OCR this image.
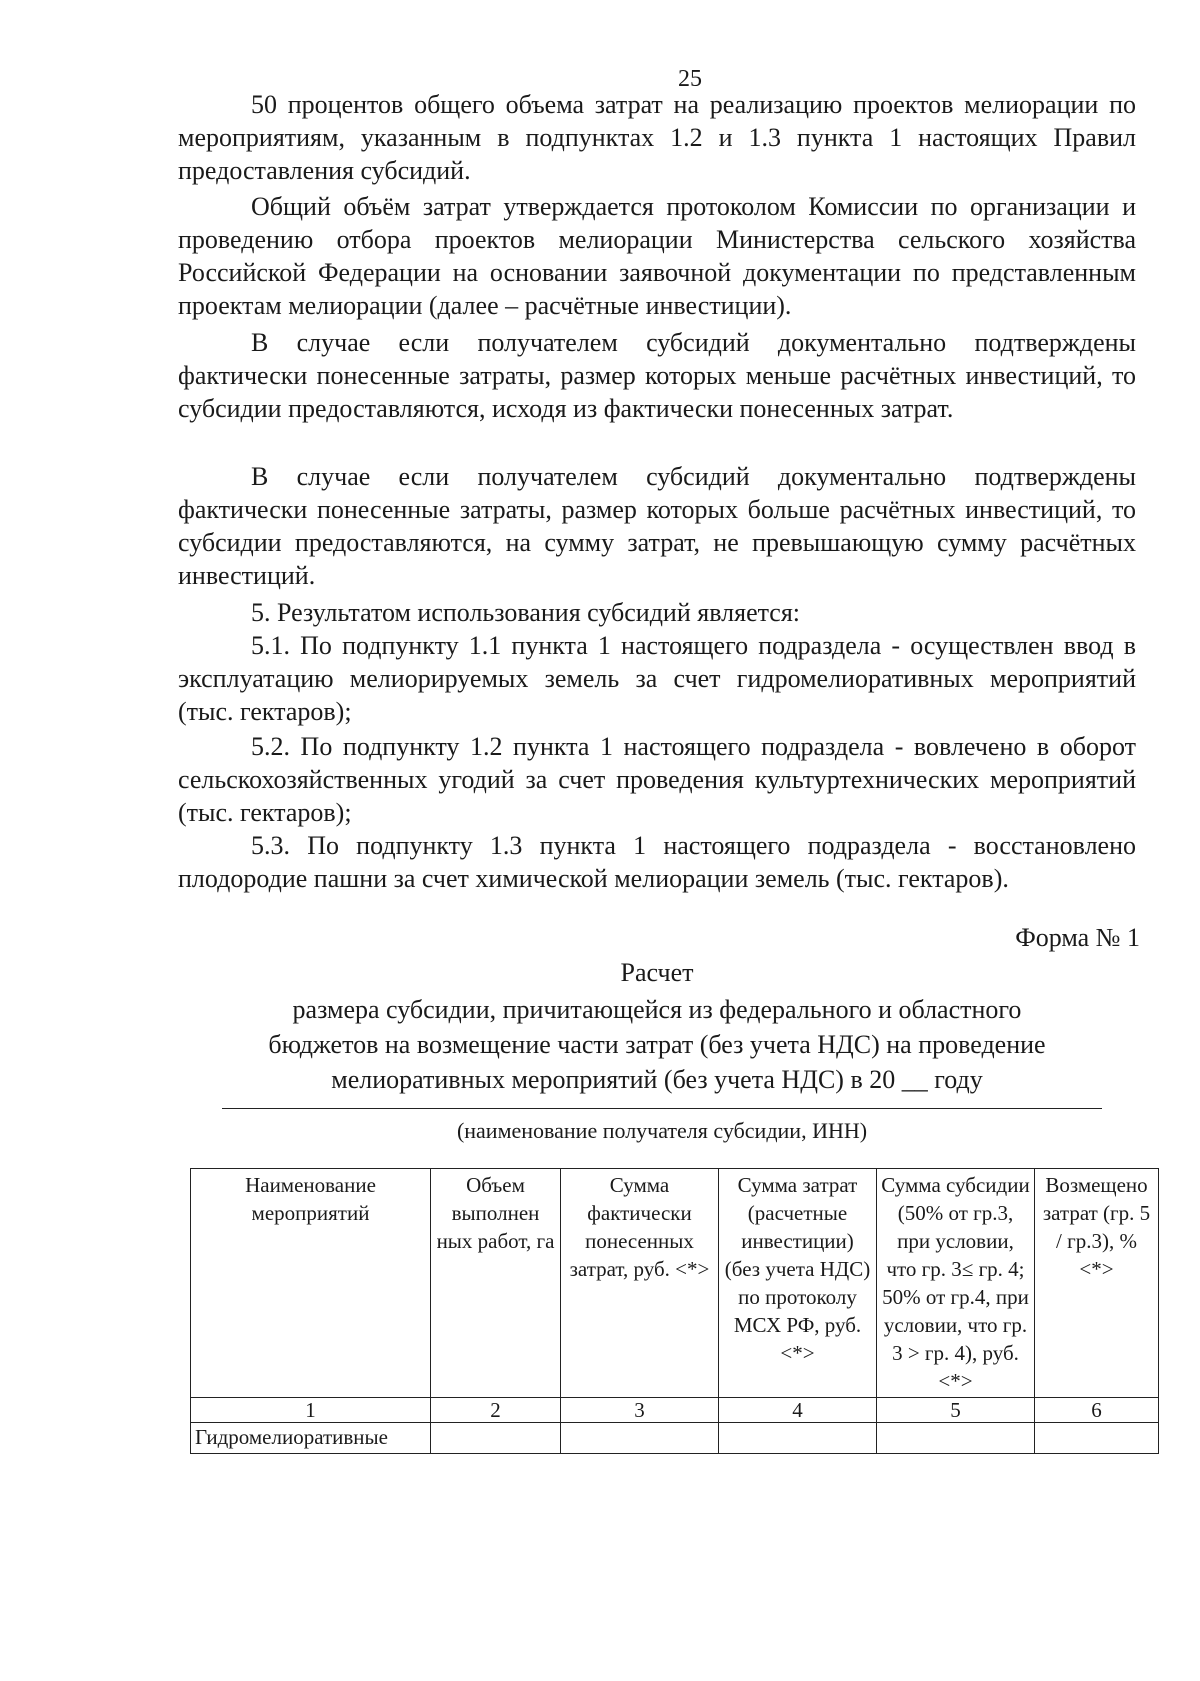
25

50 процентов общего объема затрат на реализацию проектов мелиорации по мероприятиям, указанным в подпунктах 1.2 и 1.3 пункта 1 настоящих Правил предоставления субсидий.

Общий объём затрат утверждается протоколом Комиссии по организации и проведению отбора проектов мелиорации Министерства сельского хозяйства Российской Федерации на основании заявочной документации по представленным проектам мелиорации (далее – расчётные инвестиции).

В случае если получателем субсидий документально подтверждены фактически понесенные затраты, размер которых меньше расчётных инвестиций, то субсидии предоставляются, исходя из фактически понесенных затрат.

В случае если получателем субсидий документально подтверждены фактически понесенные затраты, размер которых больше расчётных инвестиций, то субсидии предоставляются, на сумму затрат, не превышающую сумму расчётных инвестиций.

5. Результатом использования субсидий является:

5.1. По подпункту 1.1 пункта 1 настоящего подраздела - осуществлен ввод в эксплуатацию мелиорируемых земель за счет гидромелиоративных мероприятий (тыс. гектаров);

5.2. По подпункту 1.2 пункта 1 настоящего подраздела - вовлечено в оборот сельскохозяйственных угодий за счет проведения культуртехнических мероприятий (тыс. гектаров);

5.3. По подпункту 1.3 пункта 1 настоящего подраздела - восстановлено плодородие пашни за счет химической мелиорации земель (тыс. гектаров).

Форма № 1
Расчет
размера субсидии, причитающейся из федерального и областного
бюджетов на возмещение части затрат (без учета НДС) на проведение
мелиоративных мероприятий (без учета НДС) в 20 __ году
(наименование получателя субсидии, ИНН)
Наименование мероприятий	Объем выполнен ных работ, га	Сумма фактически понесенных затрат, руб. <*>	Сумма затрат (расчетные инвестиции) (без учета НДС) по протоколу МСХ РФ, руб. <*>	Сумма субсидии (50% от гр.3, при условии, что гр. 3≤ гр. 4; 50% от гр.4, при условии, что гр. 3 > гр. 4), руб. <*>	Возмещено затрат (гр. 5 / гр.3), %<*>
1	2	3	4	5	6
Гидромелиоративные					
